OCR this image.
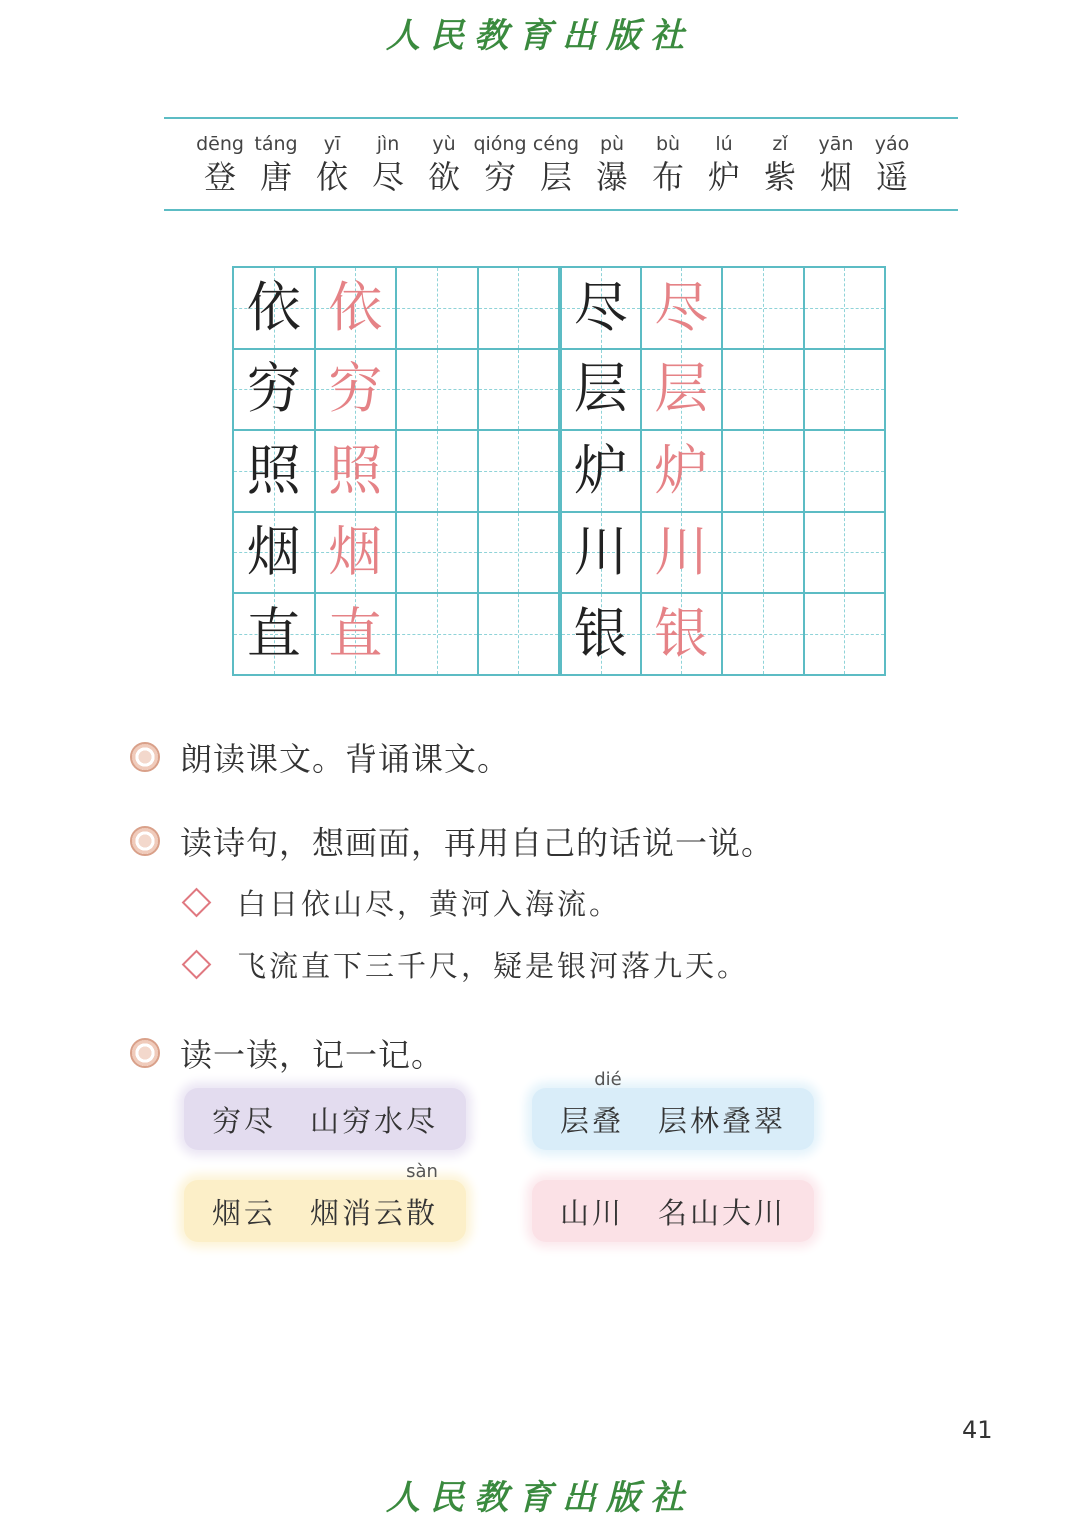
人民教育出版社
dēng
登
táng
唐
yī
依
jìn
尽
yù
欲
qióng
穷
céng
层
pù
瀑
bù
布
lú
炉
zǐ
紫
yān
烟
yáo
遥
依 依	尽 尽
穷 穷	层 层
照 照	炉 炉
烟 烟	川 川
直 直	银 银
朗读课文。背诵课文。
读诗句，想画面，再用自己的话说一说。
白日依山尽，黄河入海流。
飞流直下三千尺，疑是银河落九天。
读一读，记一记。
穷尽	山穷水尽	层
dié
叠	层林叠翠
烟云	烟消云
sàn
散	山川	名山大川
41
人民教育出版社
